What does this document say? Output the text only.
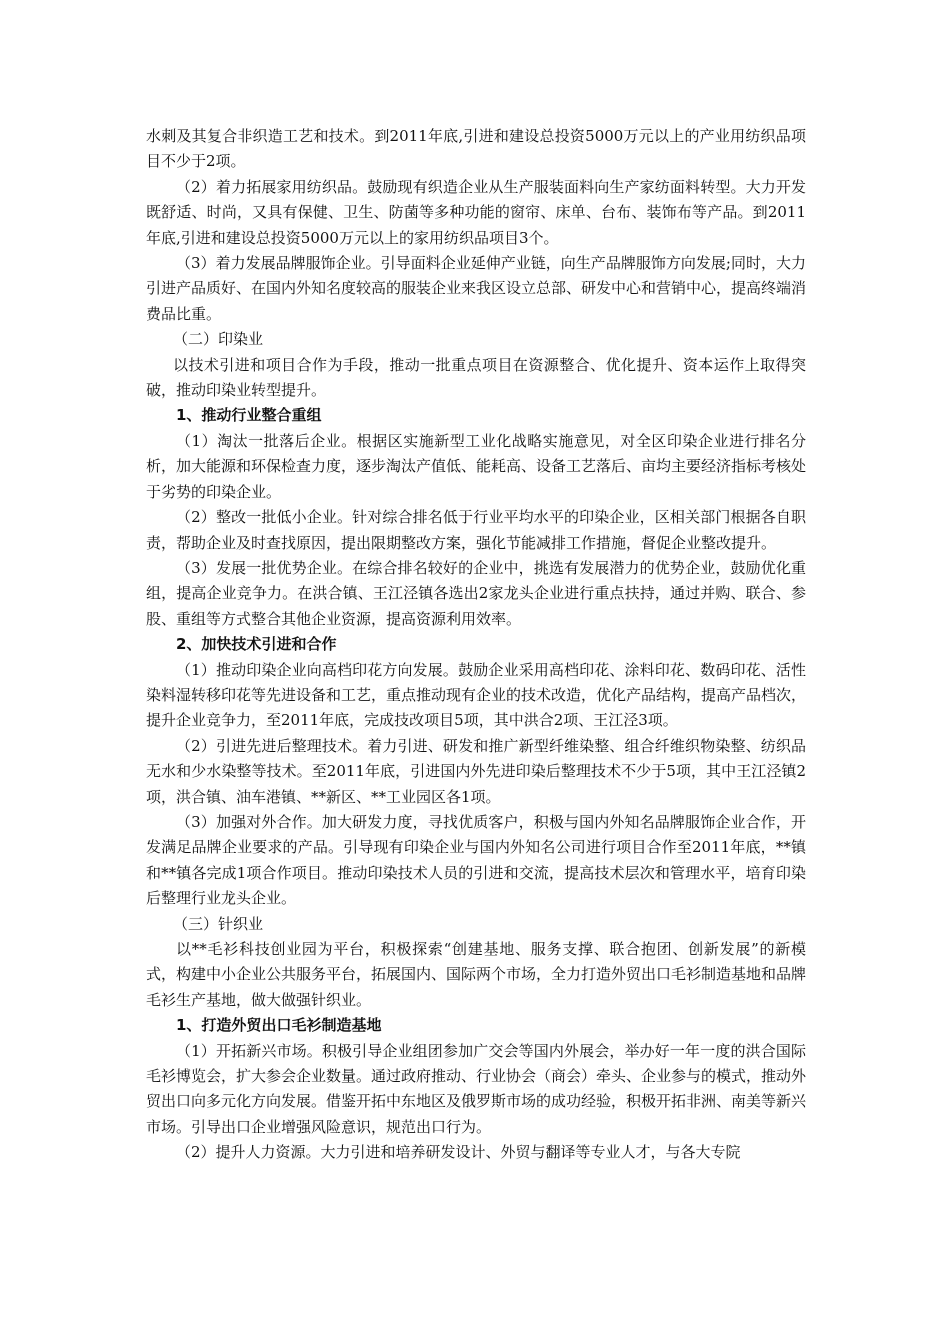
水刺及其复合非织造工艺和技术。到2011年底,引进和建设总投资5000万元以上的产业用纺织品项目不少于2项。

（2）着力拓展家用纺织品。鼓励现有织造企业从生产服装面料向生产家纺面料转型。大力开发既舒适、时尚，又具有保健、卫生、防菌等多种功能的窗帘、床单、台布、装饰布等产品。到2011年底,引进和建设总投资5000万元以上的家用纺织品项目3个。

（3）着力发展品牌服饰企业。引导面料企业延伸产业链，向生产品牌服饰方向发展;同时，大力引进产品质好、在国内外知名度较高的服装企业来我区设立总部、研发中心和营销中心，提高终端消费品比重。

（二）印染业

以技术引进和项目合作为手段，推动一批重点项目在资源整合、优化提升、资本运作上取得突破，推动印染业转型提升。

1、推动行业整合重组

（1）淘汰一批落后企业。根据区实施新型工业化战略实施意见，对全区印染企业进行排名分析，加大能源和环保检查力度，逐步淘汰产值低、能耗高、设备工艺落后、亩均主要经济指标考核处于劣势的印染企业。

（2）整改一批低小企业。针对综合排名低于行业平均水平的印染企业，区相关部门根据各自职责，帮助企业及时查找原因，提出限期整改方案，强化节能减排工作措施，督促企业整改提升。

（3）发展一批优势企业。在综合排名较好的企业中，挑选有发展潜力的优势企业，鼓励优化重组，提高企业竞争力。在洪合镇、王江泾镇各选出2家龙头企业进行重点扶持，通过并购、联合、参股、重组等方式整合其他企业资源，提高资源利用效率。

2、加快技术引进和合作

（1）推动印染企业向高档印花方向发展。鼓励企业采用高档印花、涂料印花、数码印花、活性染料湿转移印花等先进设备和工艺，重点推动现有企业的技术改造，优化产品结构，提高产品档次，提升企业竞争力，至2011年底，完成技改项目5项，其中洪合2项、王江泾3项。

（2）引进先进后整理技术。着力引进、研发和推广新型纤维染整、组合纤维织物染整、纺织品无水和少水染整等技术。至2011年底，引进国内外先进印染后整理技术不少于5项，其中王江泾镇2项，洪合镇、油车港镇、**新区、**工业园区各1项。

（3）加强对外合作。加大研发力度，寻找优质客户，积极与国内外知名品牌服饰企业合作，开发满足品牌企业要求的产品。引导现有印染企业与国内外知名公司进行项目合作至2011年底，**镇和**镇各完成1项合作项目。推动印染技术人员的引进和交流，提高技术层次和管理水平，培育印染后整理行业龙头企业。

（三）针织业

以**毛衫科技创业园为平台，积极探索“创建基地、服务支撑、联合抱团、创新发展”的新模式，构建中小企业公共服务平台，拓展国内、国际两个市场，全力打造外贸出口毛衫制造基地和品牌毛衫生产基地，做大做强针织业。

1、打造外贸出口毛衫制造基地

（1）开拓新兴市场。积极引导企业组团参加广交会等国内外展会，举办好一年一度的洪合国际毛衫博览会，扩大参会企业数量。通过政府推动、行业协会（商会）牵头、企业参与的模式，推动外贸出口向多元化方向发展。借鉴开拓中东地区及俄罗斯市场的成功经验，积极开拓非洲、南美等新兴市场。引导出口企业增强风险意识，规范出口行为。

（2）提升人力资源。大力引进和培养研发设计、外贸与翻译等专业人才，与各大专院
